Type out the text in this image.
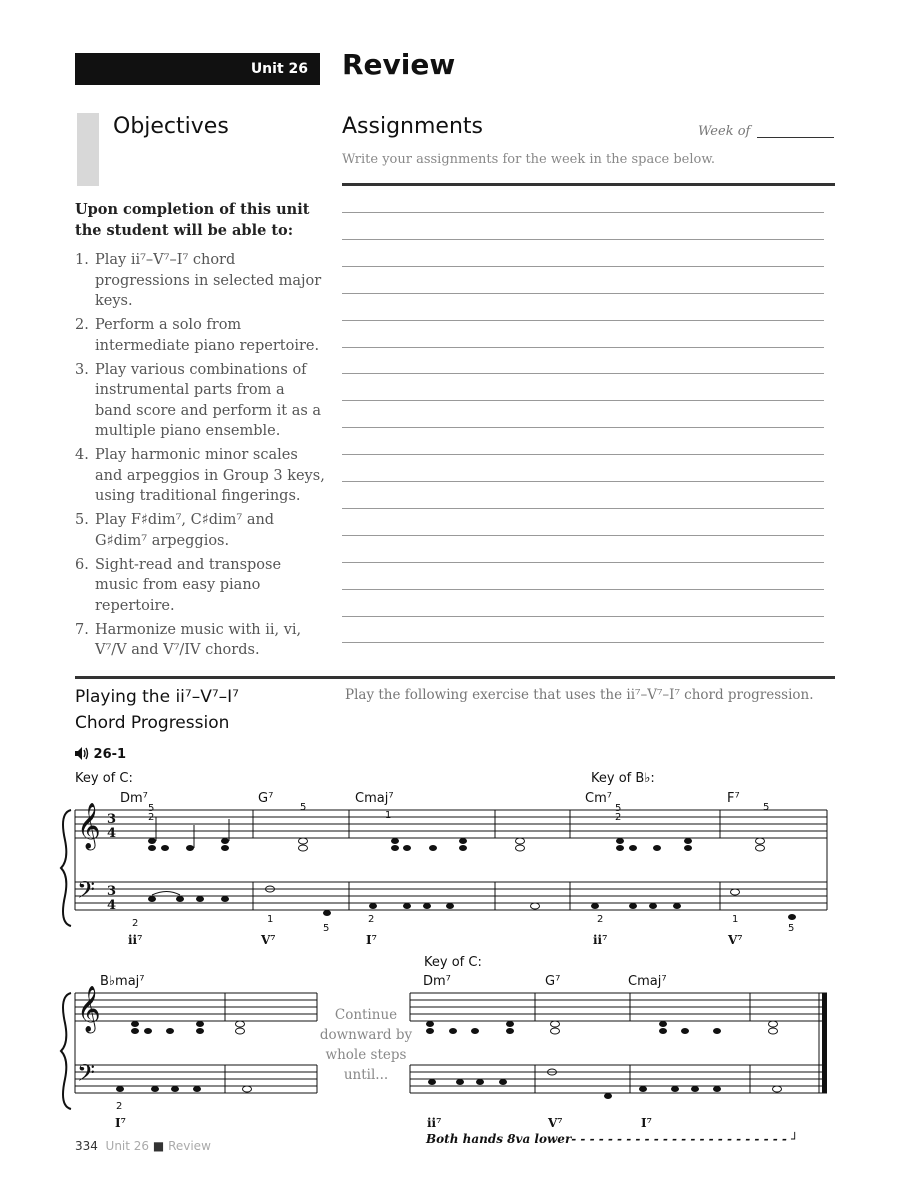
Unit 26 Review
Objectives
Upon completion of this unit the student will be able to:
1. Play ii⁷–V⁷–I⁷ chord progressions in selected major keys.
2. Perform a solo from intermediate piano repertoire.
3. Play various combinations of instrumental parts from a band score and perform it as a multiple piano ensemble.
4. Play harmonic minor scales and arpeggios in Group 3 keys, using traditional fingerings.
5. Play F♯dim⁷, C♯dim⁷ and G♯dim⁷ arpeggios.
6. Sight-read and transpose music from easy piano repertoire.
7. Harmonize music with ii, vi, V⁷/V and V⁷/IV chords.
Assignments	Week of
Write your assignments for the week in the space below.
Playing the ii⁷–V⁷–I⁷
Chord Progression
Play the following exercise that uses the ii⁷–V⁷–I⁷ chord progression.
26-1
Key of C:	Key of B♭:
Key of C:
𝄞
𝄢
3
4
3
4
Dm⁷	G⁷	Cmaj⁷	Cm⁷	F⁷
5
2
5
1
5
2
5
2	1
5
2	2	1
5
ii⁷	V⁷	I⁷	ii⁷	V⁷
𝄞
𝄢
B♭maj⁷	Dm⁷	G⁷	Cmaj⁷
2
I⁷	ii⁷	V⁷	I⁷
Continue downward by whole steps until...
Both hands 8va lower- - - - - - - - - - - - - - - - - - - - - - - - ┘
334 Unit 26 ■ Review
